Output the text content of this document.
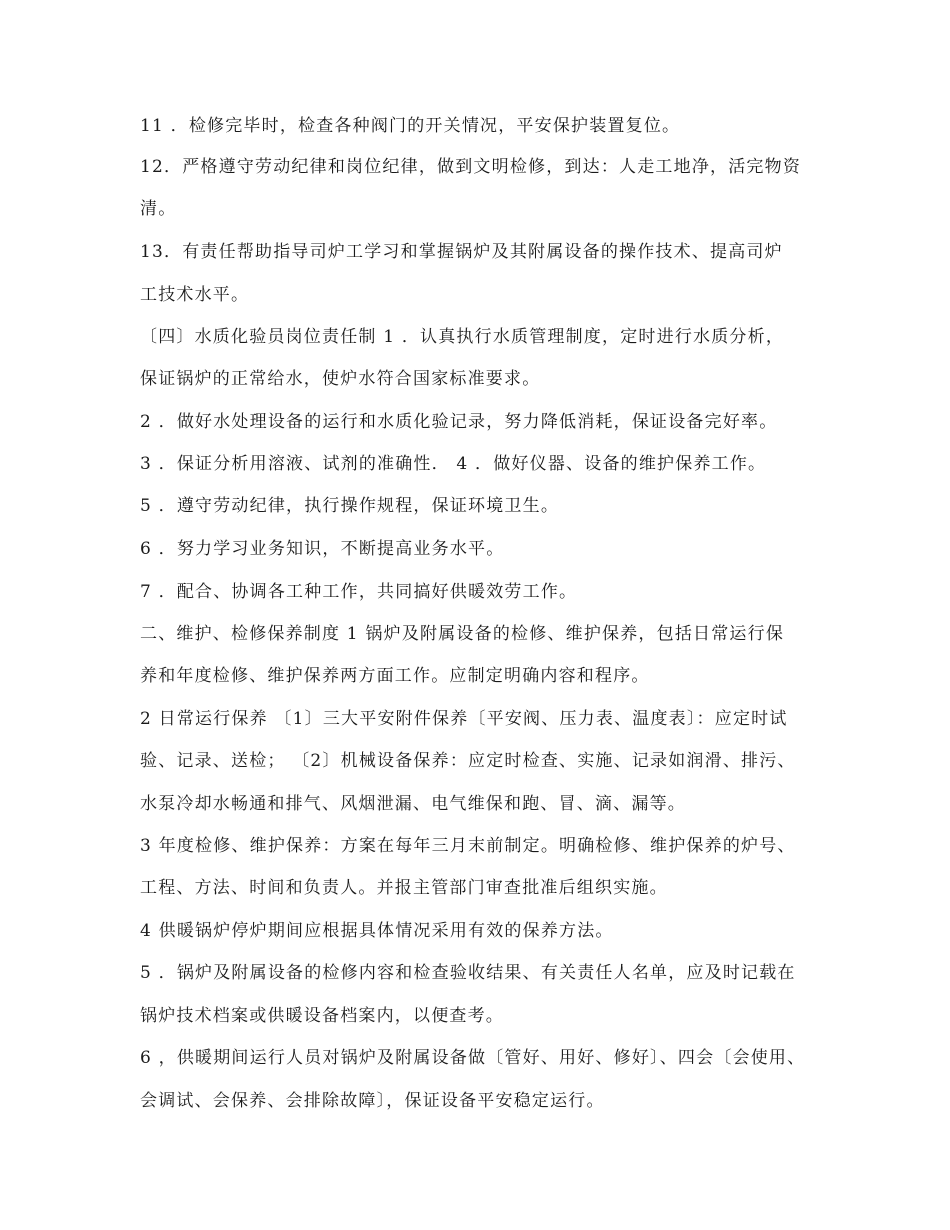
11 ．检修完毕时，检查各种阀门的开关情况，平安保护装置复位。
12．严格遵守劳动纪律和岗位纪律，做到文明检修，到达：人走工地净，活完物资
清。
13．有责任帮助指导司炉工学习和掌握锅炉及其附属设备的操作技术、提高司炉
工技术水平。
〔四〕水质化验员岗位责任制 1 ．认真执行水质管理制度，定时进行水质分析，
保证锅炉的正常给水，使炉水符合国家标准要求。
2 ．做好水处理设备的运行和水质化验记录，努力降低消耗，保证设备完好率。
3 ．保证分析用溶液、试剂的准确性． 4 ．做好仪器、设备的维护保养工作。
5 ．遵守劳动纪律，执行操作规程，保证环境卫生。
6 ．努力学习业务知识，不断提高业务水平。
7 ．配合、协调各工种工作，共同搞好供暖效劳工作。
二、维护、检修保养制度 1 锅炉及附属设备的检修、维护保养，包括日常运行保
养和年度检修、维护保养两方面工作。应制定明确内容和程序。
2 日常运行保养 〔1〕三大平安附件保养〔平安阀、压力表、温度表〕：应定时试
验、记录、送检； 〔2〕机械设备保养：应定时检查、实施、记录如润滑、排污、
水泵冷却水畅通和排气、风烟泄漏、电气维保和跑、冒、滴、漏等。
3 年度检修、维护保养：方案在每年三月末前制定。明确检修、维护保养的炉号、
工程、方法、时间和负责人。并报主管部门审查批准后组织实施。
4 供暖锅炉停炉期间应根据具体情况采用有效的保养方法。
5 ．锅炉及附属设备的检修内容和检查验收结果、有关责任人名单，应及时记载在
锅炉技术档案或供暖设备档案内，以便查考。
6 ，供暖期间运行人员对锅炉及附属设备做〔管好、用好、修好〕、四会〔会使用、
会调试、会保养、会排除故障〕，保证设备平安稳定运行。
